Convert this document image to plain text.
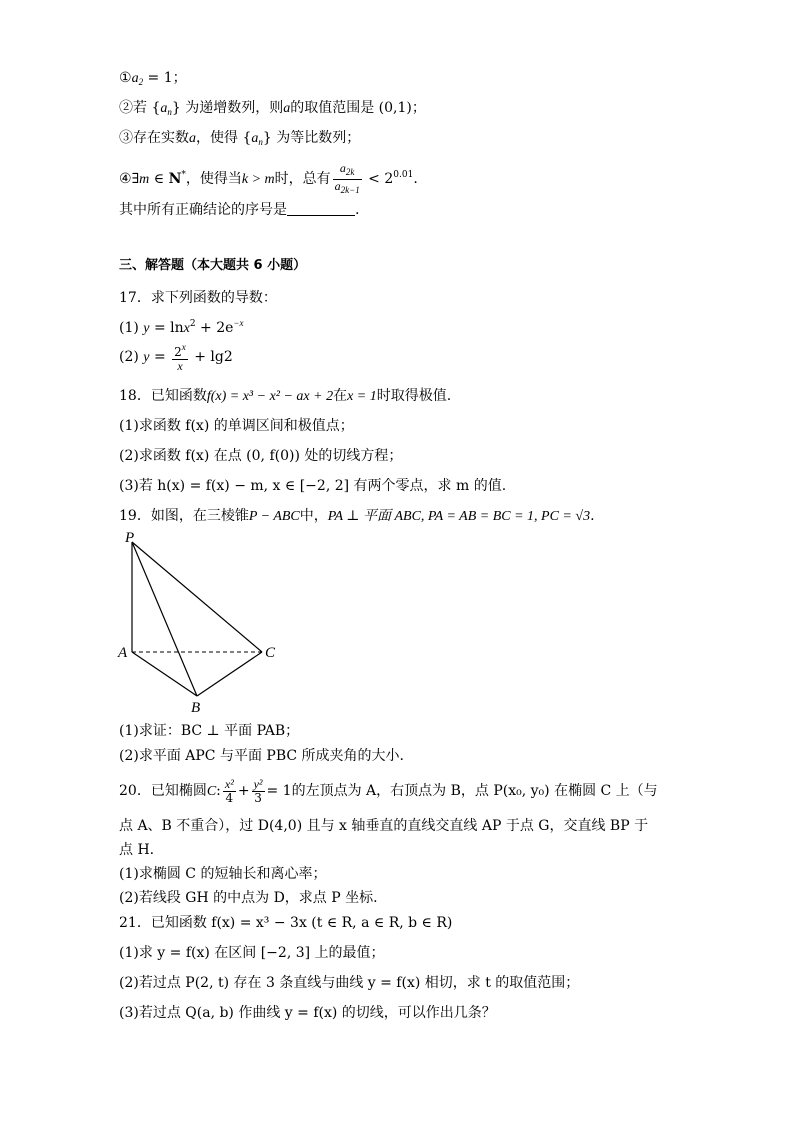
$①a_2 = 1$；
②若 $\{a_n\}$ 为递增数列，则a的取值范围是 (0,1)；
③存在实数a，使得 $\{a_n\}$ 为等比数列；
④∃m ∈ N*，使得当k > m时，总有 $\frac{a_{2k}}{a_{2k-1}} < 2^{0.01}$.
其中所有正确结论的序号是	.
三、解答题（本大题共 6 小题）
17．求下列函数的导数：
(1) $y = \ln x^2 + 2e^{-x}$
(2) $y = \frac{2^x}{x} + \lg 2$
18．已知函数f(x) = x³ − x² − ax + 2在x = 1时取得极值.
(1)求函数 f(x) 的单调区间和极值点；
(2)求函数 f(x) 在点 (0, f(0)) 处的切线方程；
(3)若 h(x) = f(x) − m, x ∈ [−2, 2] 有两个零点，求 m 的值.
19．如图，在三棱锥P − ABC中，PA ⊥ 平面 ABC, PA = AB = BC = 1, PC = √3.
P
A
B
C
(1)求证：BC ⊥ 平面 PAB；
(2)求平面 APC 与平面 PBC 所成夹角的大小.
20．已知椭圆C: $\frac{\text{x²}}{4} + \frac{\text{y²}}{3} = 1$的左顶点为 A，右顶点为 B，点 P(x₀, y₀) 在椭圆 C 上（与
点 A、B 不重合），过 D(4,0) 且与 x 轴垂直的直线交直线 AP 于点 G，交直线 BP 于
点 H.
(1)求椭圆 C 的短轴长和离心率；
(2)若线段 GH 的中点为 D，求点 P 坐标.
21．已知函数 f(x) = x³ − 3x (t ∈ R, a ∈ R, b ∈ R)
(1)求 y = f(x) 在区间 [−2, 3] 上的最值；
(2)若过点 P(2, t) 存在 3 条直线与曲线 y = f(x) 相切，求 t 的取值范围；
(3)若过点 Q(a, b) 作曲线 y = f(x) 的切线，可以作出几条？
